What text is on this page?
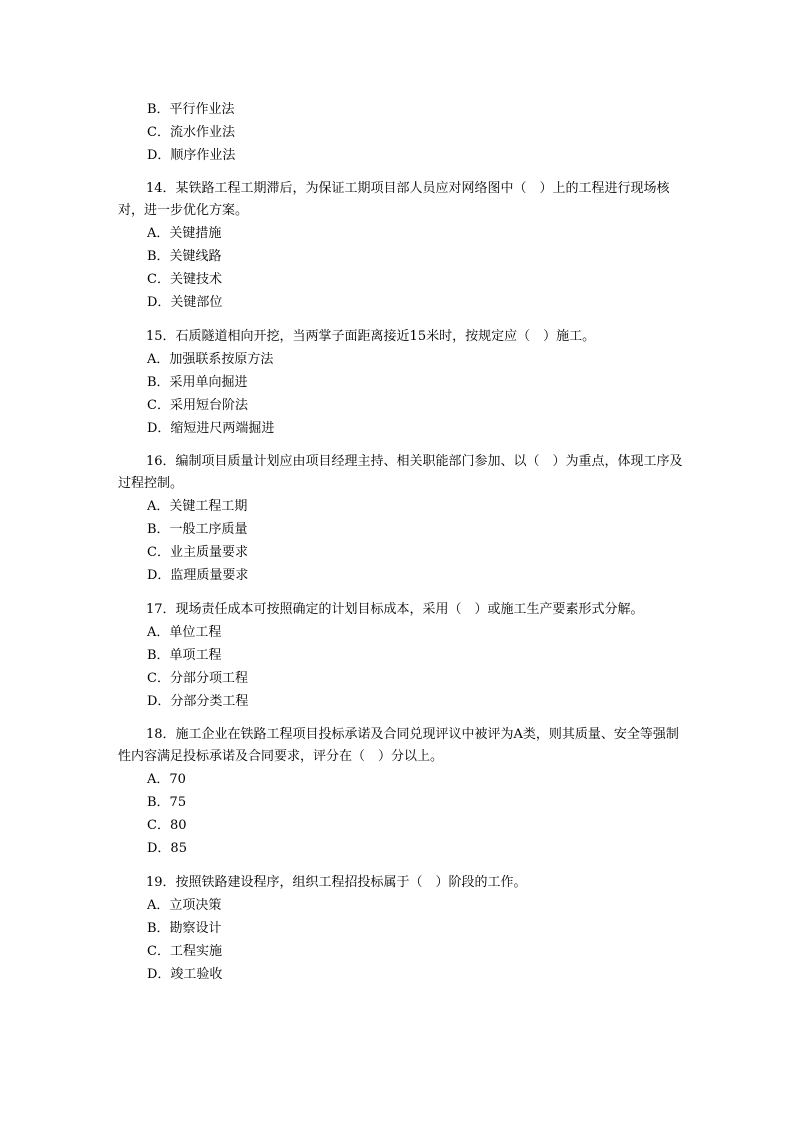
B．平行作业法

C．流水作业法

D．顺序作业法

14．某铁路工程工期滞后，为保证工期项目部人员应对网络图中（　）上的工程进行现场核对，进一步优化方案。

A．关键措施

B．关键线路

C．关键技术

D．关键部位

15．石质隧道相向开挖，当两掌子面距离接近15米时，按规定应（　）施工。

A．加强联系按原方法

B．采用单向掘进

C．采用短台阶法

D．缩短进尺两端掘进

16．编制项目质量计划应由项目经理主持、相关职能部门参加、以（　）为重点，体现工序及过程控制。

A．关键工程工期

B．一般工序质量

C．业主质量要求

D．监理质量要求

17．现场责任成本可按照确定的计划目标成本，采用（　）或施工生产要素形式分解。

A．单位工程

B．单项工程

C．分部分项工程

D．分部分类工程

18．施工企业在铁路工程项目投标承诺及合同兑现评议中被评为A类，则其质量、安全等强制性内容满足投标承诺及合同要求，评分在（　）分以上。

A．70

B．75

C．80

D．85

19．按照铁路建设程序，组织工程招投标属于（　）阶段的工作。

A．立项决策

B．勘察设计

C．工程实施

D．竣工验收
